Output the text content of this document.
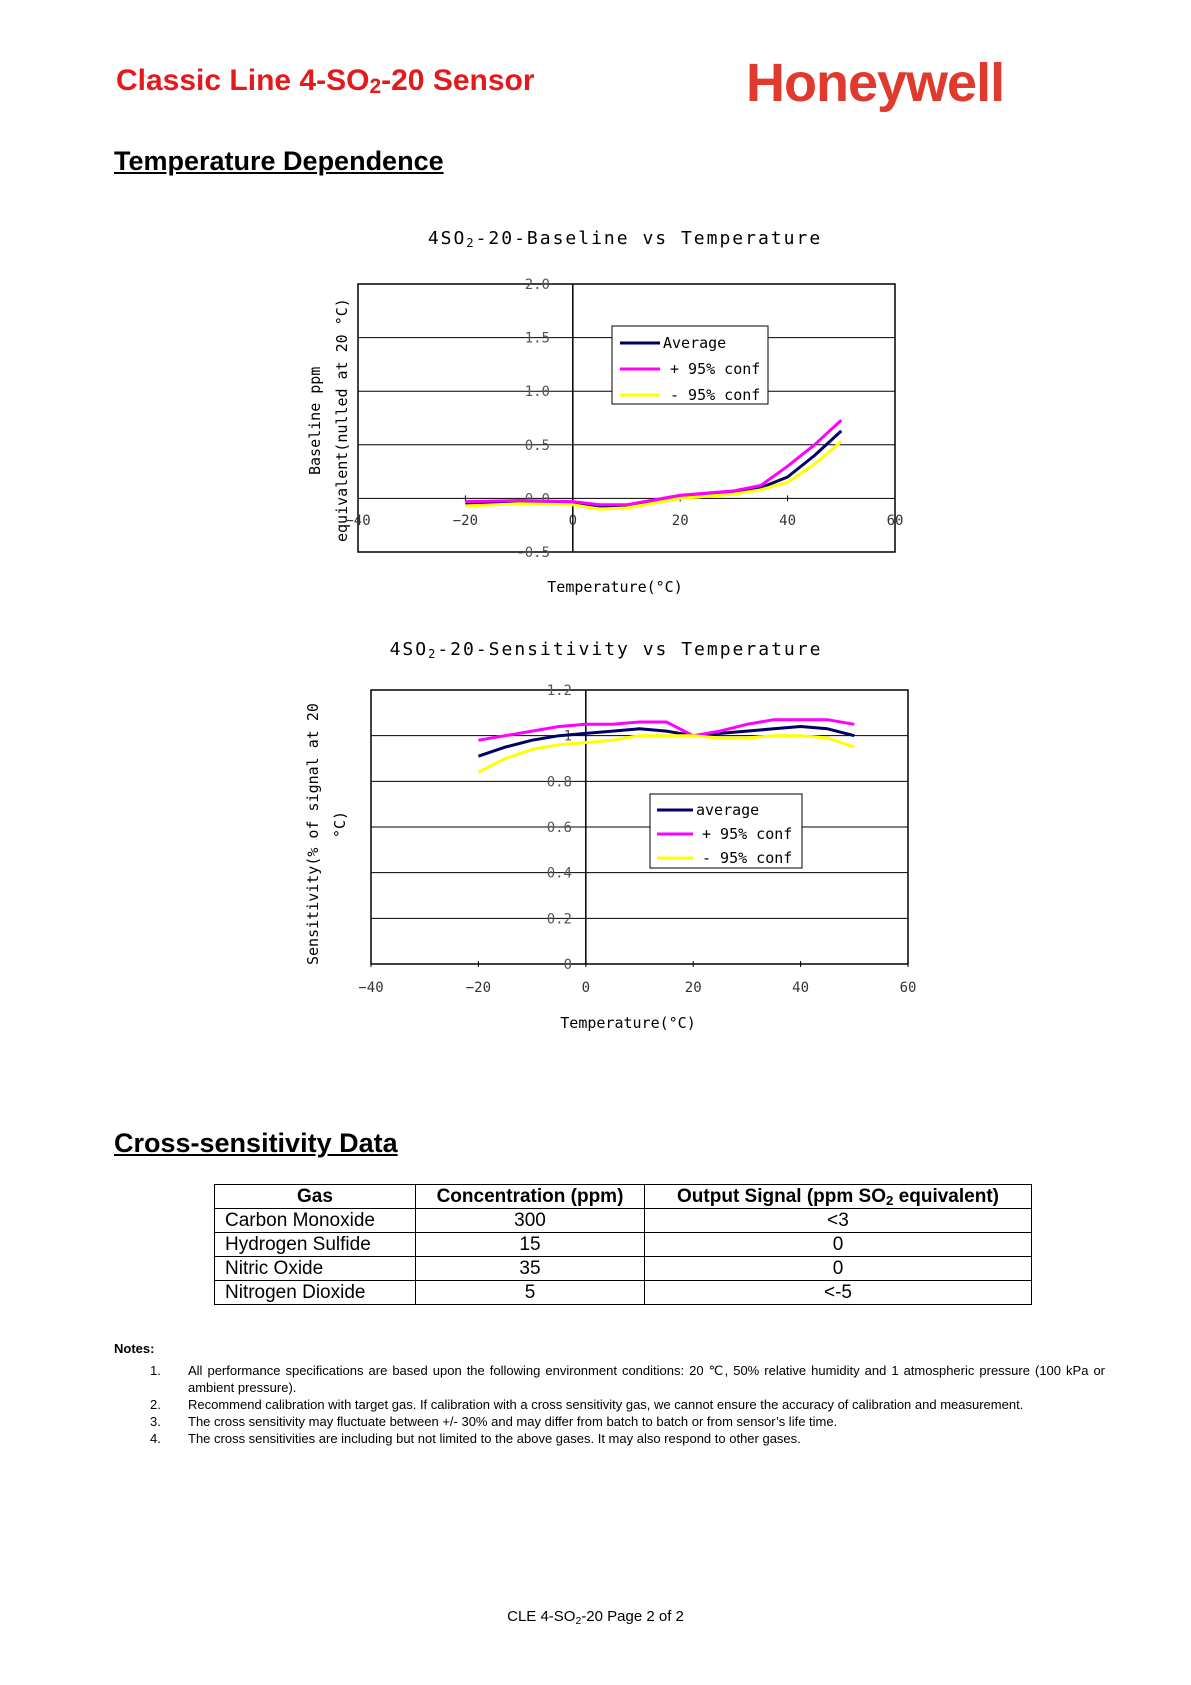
Classic Line $4-SO_2-20$ Sensor	Honeywell
Temperature Dependence
4SO2-20-Baseline vs Temperature
Baseline ppm equivalent(nulled at 20 °C)
Temperature(°C)
2.0
1.5
1.0
0.5
0.0
-0.5
−40	−20	0	20	40	60
Average
+ 95% conf
- 95% conf
4SO2-20-Sensitivity vs Temperature
Sensitivity(% of signal at 20 °C)
Temperature(°C)
1.2
1
0.8
0.6
0.4
0.2
0
−40	−20	0	20	40	60
average
+ 95% conf
- 95% conf
Cross-sensitivity Data
Gas	Concentration (ppm)	Output Signal (ppm $SO_2$ equivalent)
Carbon Monoxide	300	<3
Hydrogen Sulfide	15	0
Nitric Oxide	35	0
Nitrogen Dioxide	5	<-5
Notes:
1. All performance specifications are based upon the following environment conditions: 20 ℃, 50% relative humidity and 1 atmospheric pressure (100 kPa or ambient pressure).
2. Recommend calibration with target gas. If calibration with a cross sensitivity gas, we cannot ensure the accuracy of calibration and measurement.
3. The cross sensitivity may fluctuate between +/- 30% and may differ from batch to batch or from sensor’s life time.
4. The cross sensitivities are including but not limited to the above gases. It may also respond to other gases.
CLE $4-SO_2-20$ Page 2 of 2
